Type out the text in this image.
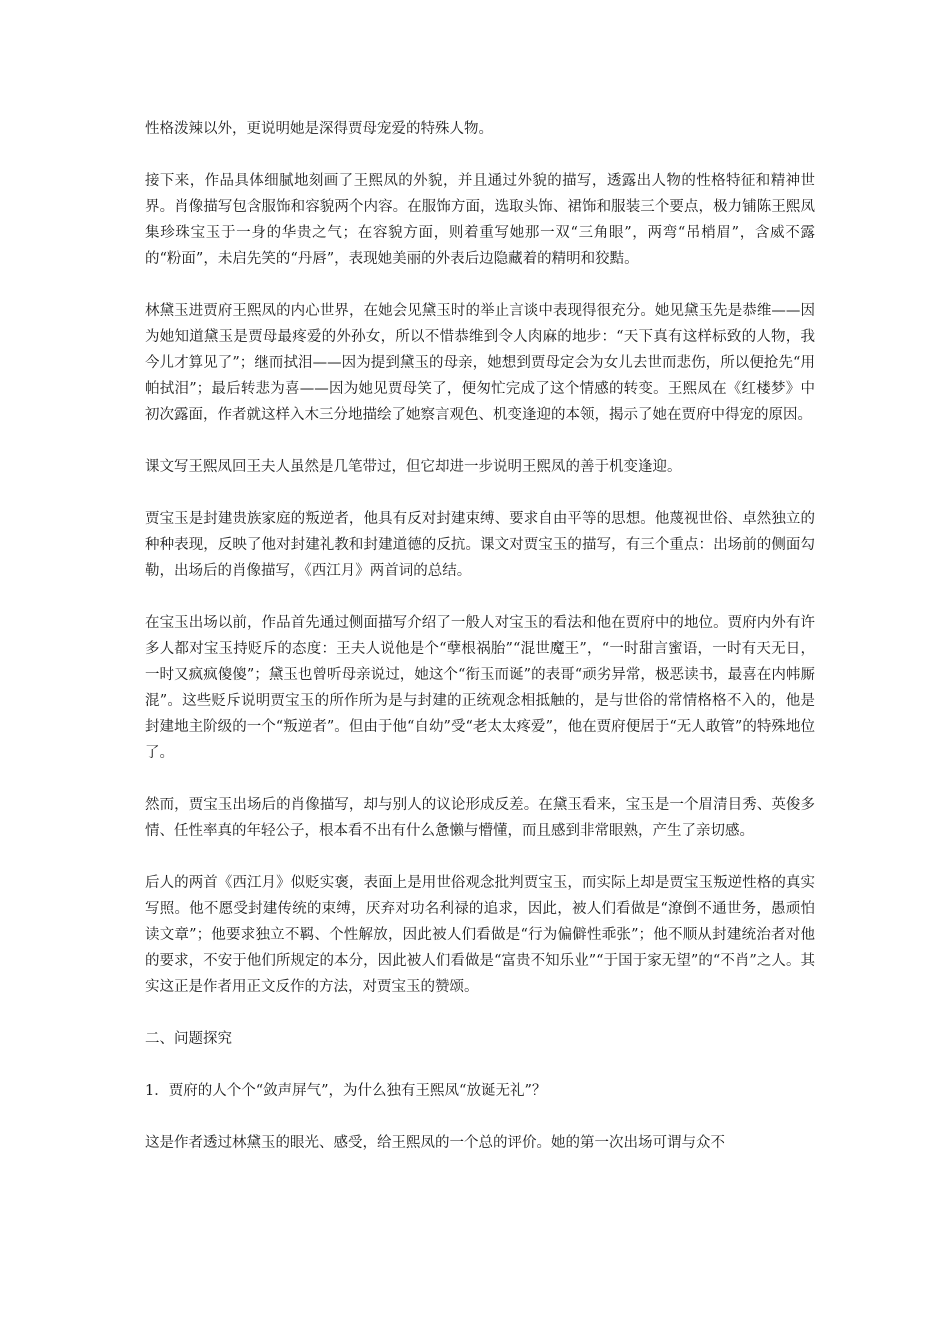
性格泼辣以外，更说明她是深得贾母宠爱的特殊人物。

接下来，作品具体细腻地刻画了王熙凤的外貌，并且通过外貌的描写，透露出人物的性格特征和精神世界。肖像描写包含服饰和容貌两个内容。在服饰方面，选取头饰、裙饰和服装三个要点，极力铺陈王熙凤集珍珠宝玉于一身的华贵之气；在容貌方面，则着重写她那一双“三角眼”，两弯“吊梢眉”，含威不露的“粉面”，未启先笑的“丹唇”，表现她美丽的外表后边隐藏着的精明和狡黠。

林黛玉进贾府王熙凤的内心世界，在她会见黛玉时的举止言谈中表现得很充分。她见黛玉先是恭维——因为她知道黛玉是贾母最疼爱的外孙女，所以不惜恭维到令人肉麻的地步：“天下真有这样标致的人物，我今儿才算见了”；继而拭泪——因为提到黛玉的母亲，她想到贾母定会为女儿去世而悲伤，所以便抢先“用帕拭泪”；最后转悲为喜——因为她见贾母笑了，便匆忙完成了这个情感的转变。王熙凤在《红楼梦》中初次露面，作者就这样入木三分地描绘了她察言观色、机变逢迎的本领，揭示了她在贾府中得宠的原因。

课文写王熙凤回王夫人虽然是几笔带过，但它却进一步说明王熙凤的善于机变逢迎。

贾宝玉是封建贵族家庭的叛逆者，他具有反对封建束缚、要求自由平等的思想。他蔑视世俗、卓然独立的种种表现，反映了他对封建礼教和封建道德的反抗。课文对贾宝玉的描写，有三个重点：出场前的侧面勾勒，出场后的肖像描写，《西江月》两首词的总结。

在宝玉出场以前，作品首先通过侧面描写介绍了一般人对宝玉的看法和他在贾府中的地位。贾府内外有许多人都对宝玉持贬斥的态度：王夫人说他是个“孽根祸胎”“混世魔王”，“一时甜言蜜语，一时有天无日，一时又疯疯傻傻”；黛玉也曾听母亲说过，她这个“衔玉而诞”的表哥“顽劣异常，极恶读书，最喜在内帏厮混”。这些贬斥说明贾宝玉的所作所为是与封建的正统观念相抵触的，是与世俗的常情格格不入的，他是封建地主阶级的一个“叛逆者”。但由于他“自幼”受“老太太疼爱”，他在贾府便居于“无人敢管”的特殊地位了。

然而，贾宝玉出场后的肖像描写，却与别人的议论形成反差。在黛玉看来，宝玉是一个眉清目秀、英俊多情、任性率真的年轻公子，根本看不出有什么惫懒与懵懂，而且感到非常眼熟，产生了亲切感。

后人的两首《西江月》似贬实褒，表面上是用世俗观念批判贾宝玉，而实际上却是贾宝玉叛逆性格的真实写照。他不愿受封建传统的束缚，厌弃对功名利禄的追求，因此，被人们看做是“潦倒不通世务，愚顽怕读文章”；他要求独立不羁、个性解放，因此被人们看做是“行为偏僻性乖张”；他不顺从封建统治者对他的要求，不安于他们所规定的本分，因此被人们看做是“富贵不知乐业”“于国于家无望”的“不肖”之人。其实这正是作者用正文反作的方法，对贾宝玉的赞颂。

二、问题探究

1．贾府的人个个“敛声屏气”，为什么独有王熙凤“放诞无礼”？

这是作者透过林黛玉的眼光、感受，给王熙凤的一个总的评价。她的第一次出场可谓与众不
